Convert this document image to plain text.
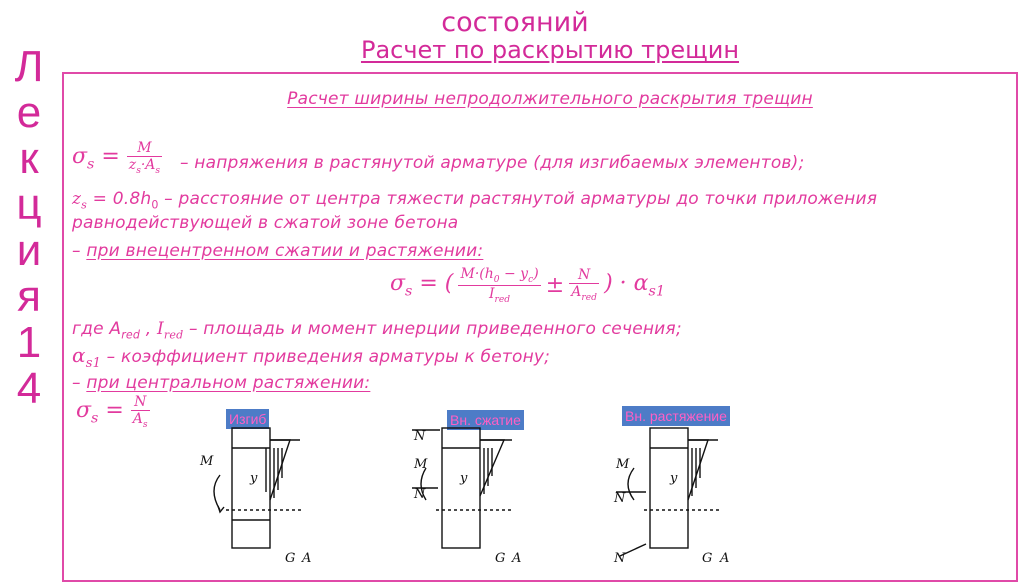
состояний
Расчет по раскрытию трещин
Л
е
к
ц
и
я
1
4
Расчет ширины непродолжительного раскрытия трещин
$\sigma_s = \frac{M}{z_s\cdot A_s}$ – напряжения в растянутой арматуре (для изгибаемых элементов);
$z_s = 0.8h_0$ – расстояние от центра тяжести растянутой арматуры до точки приложения
равнодействующей в сжатой зоне бетона
– при внецентренном сжатии и растяжении:
$\sigma_s$ = ( $\frac{M\cdot(h_0 - y_c)}{I_{red}} \pm \frac{N}{A_{red}}$ ) · $\alpha_{s1}$
где $A_{red}$ , $I_{red}$ – площадь и момент инерции приведенного сечения;
$\alpha_{s1}$ – коэффициент приведения арматуры к бетону;
– при центральном растяжении:
$\sigma_s = \frac{N}{A_s}$	Изгиб	Вн. сжатие	Вн. растяжение
M
y
G A
N
M
N
y
G A
M
N
N
y
G A
